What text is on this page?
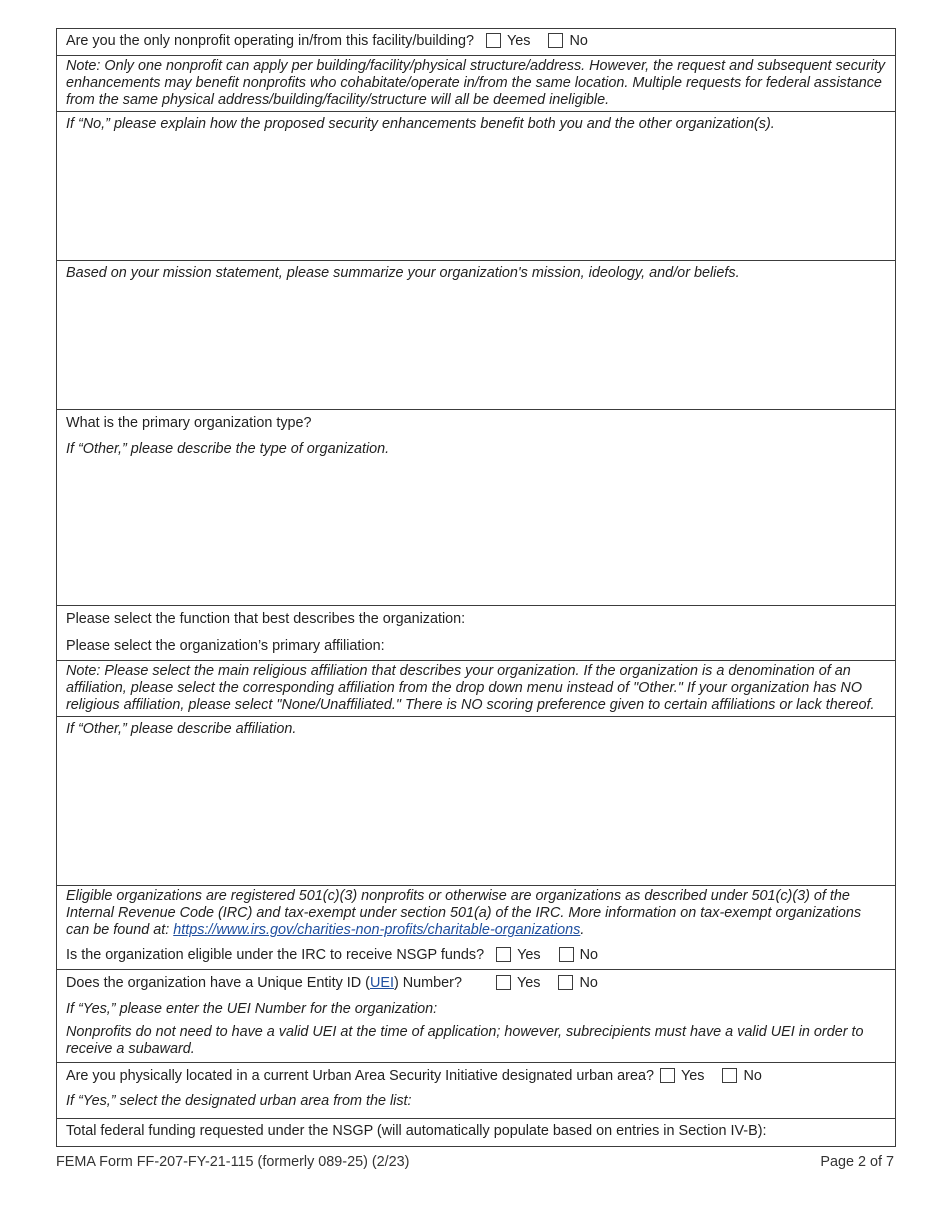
Are you the only nonprofit operating in/from this facility/building? Yes	No
Note: Only one nonprofit can apply per building/facility/physical structure/address. However, the request and subsequent security enhancements may benefit nonprofits who cohabitate/operate in/from the same location. Multiple requests for federal assistance from the same physical address/building/facility/structure will all be deemed ineligible.
If “No,” please explain how the proposed security enhancements benefit both you and the other organization(s).
Based on your mission statement, please summarize your organization's mission, ideology, and/or beliefs.
What is the primary organization type?
If “Other,” please describe the type of organization.
Please select the function that best describes the organization:
Please select the organization’s primary affiliation:
Note: Please select the main religious affiliation that describes your organization. If the organization is a denomination of an affiliation, please select the corresponding affiliation from the drop down menu instead of "Other." If your organization has NO religious affiliation, please select "None/Unaffiliated." There is NO scoring preference given to certain affiliations or lack thereof.
If “Other,” please describe affiliation.
Eligible organizations are registered 501(c)(3) nonprofits or otherwise are organizations as described under 501(c)(3) of the Internal Revenue Code (IRC) and tax-exempt under section 501(a) of the IRC. More information on tax-exempt organizations can be found at: https://www.irs.gov/charities-non-profits/charitable-organizations.
Is the organization eligible under the IRC to receive NSGP funds? Yes	No
Does the organization have a Unique Entity ID (UEI) Number?	Yes	No
If “Yes,” please enter the UEI Number for the organization:
Nonprofits do not need to have a valid UEI at the time of application; however, subrecipients must have a valid UEI in order to receive a subaward.
Are you physically located in a current Urban Area Security Initiative designated urban area? Yes	No
If “Yes,” select the designated urban area from the list:
Total federal funding requested under the NSGP (will automatically populate based on entries in Section IV-B):
FEMA Form FF-207-FY-21-115 (formerly 089-25) (2/23)	Page 2 of 7
